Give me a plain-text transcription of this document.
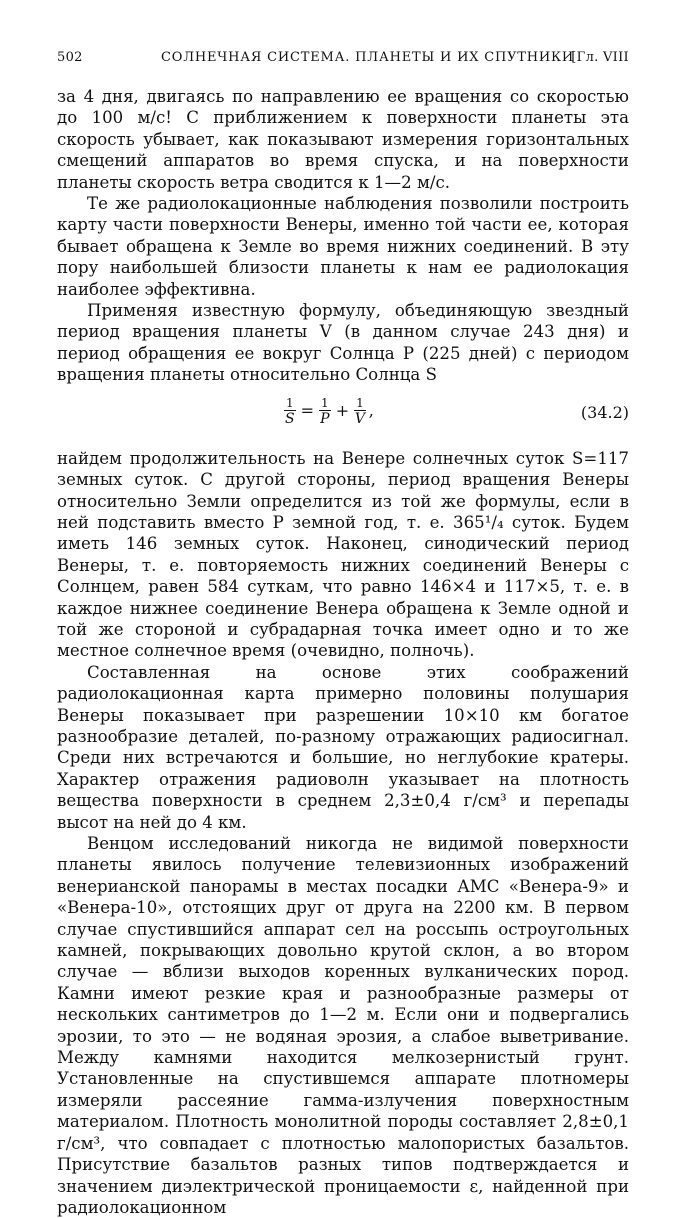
502	СОЛНЕЧНАЯ СИСТЕМА. ПЛАНЕТЫ И ИХ СПУТНИКИ
[Гл. VIII

за 4 дня, двигаясь по направлению ее вращения со скоростью до 100 м/с! С приближением к поверхности планеты эта скорость убывает, как показывают измерения горизонтальных смещений аппаратов во время спуска, и на поверхности планеты скорость ветра сводится к 1—2 м/с.

Те же радиолокационные наблюдения позволили построить карту части поверхности Венеры, именно той части ее, которая бывает обращена к Земле во время нижних соединений. В эту пору наибольшей близости планеты к нам ее радиолокация наиболее эффективна.

Применяя известную формулу, объединяющую звездный период вращения планеты V (в данном случае 243 дня) и период обращения ее вокруг Солнца P (225 дней) с периодом вращения планеты относительно Солнца S

$\frac{1}{S} = \frac{1}{P} + \frac{1}{V}$ ,	(34.2)

найдем продолжительность на Венере солнечных суток S=117 земных суток. С другой стороны, период вращения Венеры относительно Земли определится из той же формулы, если в ней подставить вместо P земной год, т. е. 365¹/₄ суток. Будем иметь 146 земных суток. Наконец, синодический период Венеры, т. е. повторяемость нижних соединений Венеры с Солнцем, равен 584 суткам, что равно 146×4 и 117×5, т. е. в каждое нижнее соединение Венера обращена к Земле одной и той же стороной и субрадарная точка имеет одно и то же местное солнечное время (очевидно, полночь).

Составленная на основе этих соображений радиолокационная карта примерно половины полушария Венеры показывает при разрешении 10×10 км богатое разнообразие деталей, по-разному отражающих радиосигнал. Среди них встречаются и большие, но неглубокие кратеры. Характер отражения радиоволн указывает на плотность вещества поверхности в среднем 2,3±0,4 г/см³ и перепады высот на ней до 4 км.

Венцом исследований никогда не видимой поверхности планеты явилось получение телевизионных изображений венерианской панорамы в местах посадки АМС «Венера-9» и «Венера-10», отстоящих друг от друга на 2200 км. В первом случае спустившийся аппарат сел на россыпь остроугольных камней, покрывающих довольно крутой склон, а во втором случае — вблизи выходов коренных вулканических пород. Камни имеют резкие края и разнообразные размеры от нескольких сантиметров до 1—2 м. Если они и подвергались эрозии, то это — не водяная эрозия, а слабое выветривание. Между камнями находится мелкозернистый грунт. Установленные на спустившемся аппарате плотномеры измеряли рассеяние гамма-излучения поверхностным материалом. Плотность монолитной породы составляет 2,8±0,1 г/см³, что совпадает с плотностью малопористых базальтов. Присутствие базальтов разных типов подтверждается и значением диэлектрической проницаемости ε, найденной при радиолокационном
